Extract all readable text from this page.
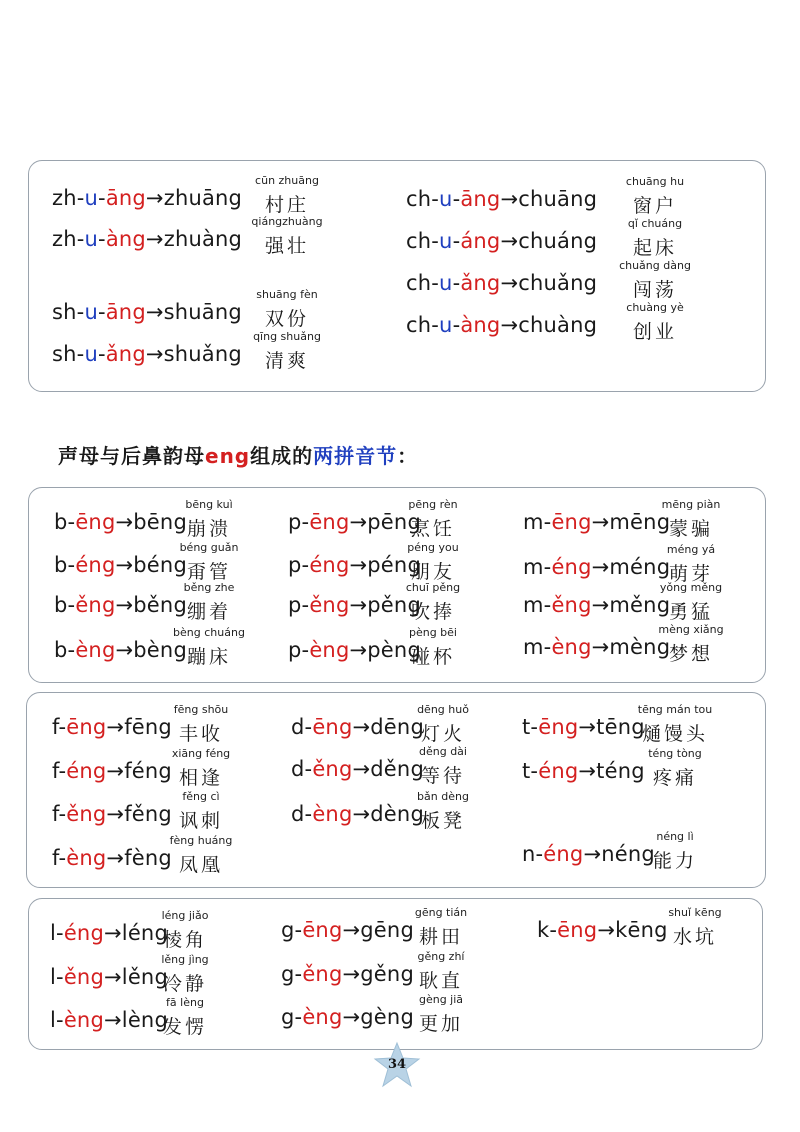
声母与后鼻韵母eng组成的两拼音节：
zh-u-āng→zhuāng
cūn zhuāng
村庄
zh-u-àng→zhuàng
qiángzhuàng
强壮
sh-u-āng→shuāng
shuāng fèn
双份
sh-u-ǎng→shuǎng
qīng shuǎng
清爽
ch-u-āng→chuāng
chuāng hu
窗户
ch-u-áng→chuáng
qǐ chuáng
起床
ch-u-ǎng→chuǎng
chuǎng dàng
闯荡
ch-u-àng→chuàng
chuàng yè
创业
b-ēng→bēng
bēng kuì
崩溃
b-éng→béng
béng guǎn
甭管
b-ěng→běng
běng zhe
绷着
b-èng→bèng
bèng chuáng
蹦床
p-ēng→pēng
pēng rèn
烹饪
p-éng→péng
péng you
朋友
p-ěng→pěng
chuī pěng
吹捧
p-èng→pèng
pèng bēi
碰杯
m-ēng→mēng
mēng piàn
蒙骗
m-éng→méng
méng yá
萌芽
m-ěng→měng
yǒng měng
勇猛
m-èng→mèng
mèng xiǎng
梦想
f-ēng→fēng
fēng shōu
丰收
f-éng→féng
xiāng féng
相逢
f-ěng→fěng
fěng cì
讽刺
f-èng→fèng
fèng huáng
凤凰
d-ēng→dēng
dēng huǒ
灯火
d-ěng→děng
děng dài
等待
d-èng→dèng
bǎn dèng
板凳
t-ēng→tēng
tēng mán tou
熥馒头
t-éng→téng
téng tòng
疼痛
n-éng→néng
néng lì
能力
l-éng→léng
léng jiǎo
棱角
l-ěng→lěng
lěng jìng
冷静
l-èng→lèng
fā lèng
发愣
g-ēng→gēng
gēng tián
耕田
g-ěng→gěng
gěng zhí
耿直
g-èng→gèng
gèng jiā
更加
k-ēng→kēng
shuǐ kēng
水坑
34
